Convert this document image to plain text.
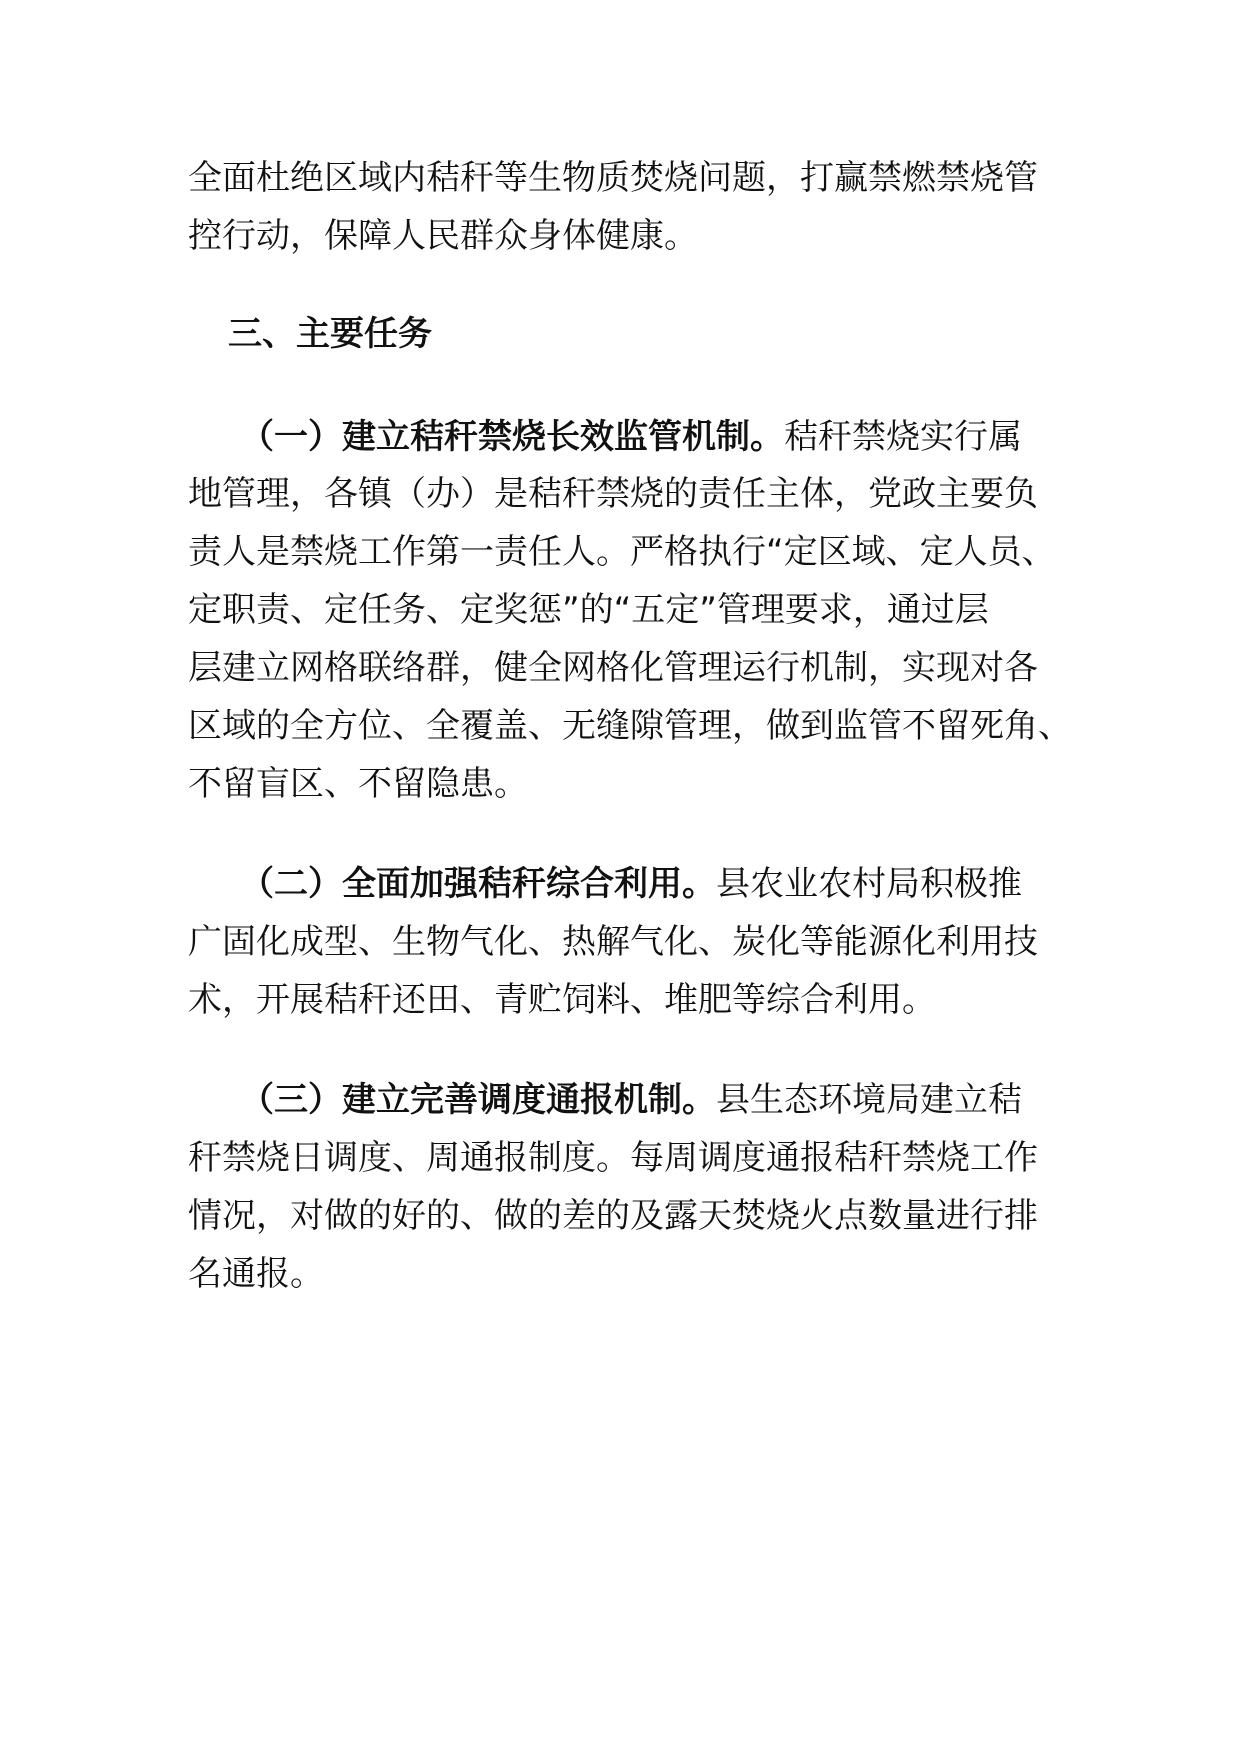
全面杜绝区域内秸秆等生物质焚烧问题，打赢禁燃禁烧管
控行动，保障人民群众身体健康。
三、主要任务
（一）建立秸秆禁烧长效监管机制。秸秆禁烧实行属
地管理，各镇（办）是秸秆禁烧的责任主体，党政主要负
责人是禁烧工作第一责任人。严格执行“定区域、定人员、
定职责、定任务、定奖惩”的“五定”管理要求，通过层
层建立网格联络群，健全网格化管理运行机制，实现对各
区域的全方位、全覆盖、无缝隙管理，做到监管不留死角、
不留盲区、不留隐患。
（二）全面加强秸秆综合利用。县农业农村局积极推
广固化成型、生物气化、热解气化、炭化等能源化利用技
术，开展秸秆还田、青贮饲料、堆肥等综合利用。
（三）建立完善调度通报机制。县生态环境局建立秸
秆禁烧日调度、周通报制度。每周调度通报秸秆禁烧工作
情况，对做的好的、做的差的及露天焚烧火点数量进行排
名通报。
